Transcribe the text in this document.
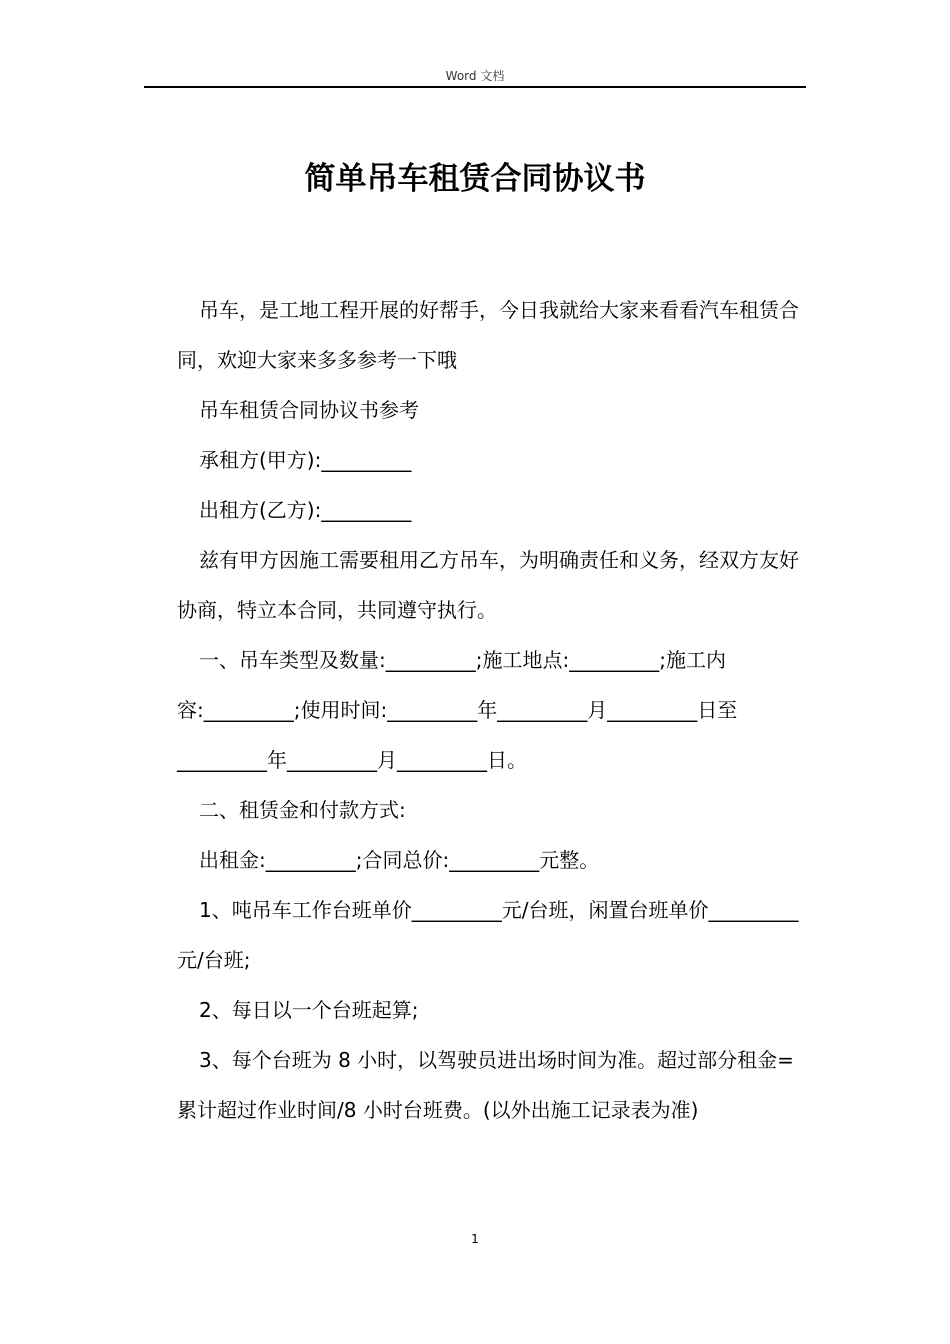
Word 文档
简单吊车租赁合同协议书

吊车，是工地工程开展的好帮手，今日我就给大家来看看汽车租赁合同，欢迎大家来多多参考一下哦

吊车租赁合同协议书参考

承租方(甲方):_________

出租方(乙方):_________

兹有甲方因施工需要租用乙方吊车，为明确责任和义务，经双方友好协商，特立本合同，共同遵守执行。

一、吊车类型及数量:_________;施工地点:_________;施工内容:_________;使用时间:_________年_________月_________日至_________年_________月_________日。

二、租赁金和付款方式:

出租金:_________;合同总价:_________元整。

1、吨吊车工作台班单价_________元/台班，闲置台班单价_________元/台班;

2、每日以一个台班起算;

3、每个台班为 8 小时，以驾驶员进出场时间为准。超过部分租金=累计超过作业时间/8 小时台班费。(以外出施工记录表为准)

1
